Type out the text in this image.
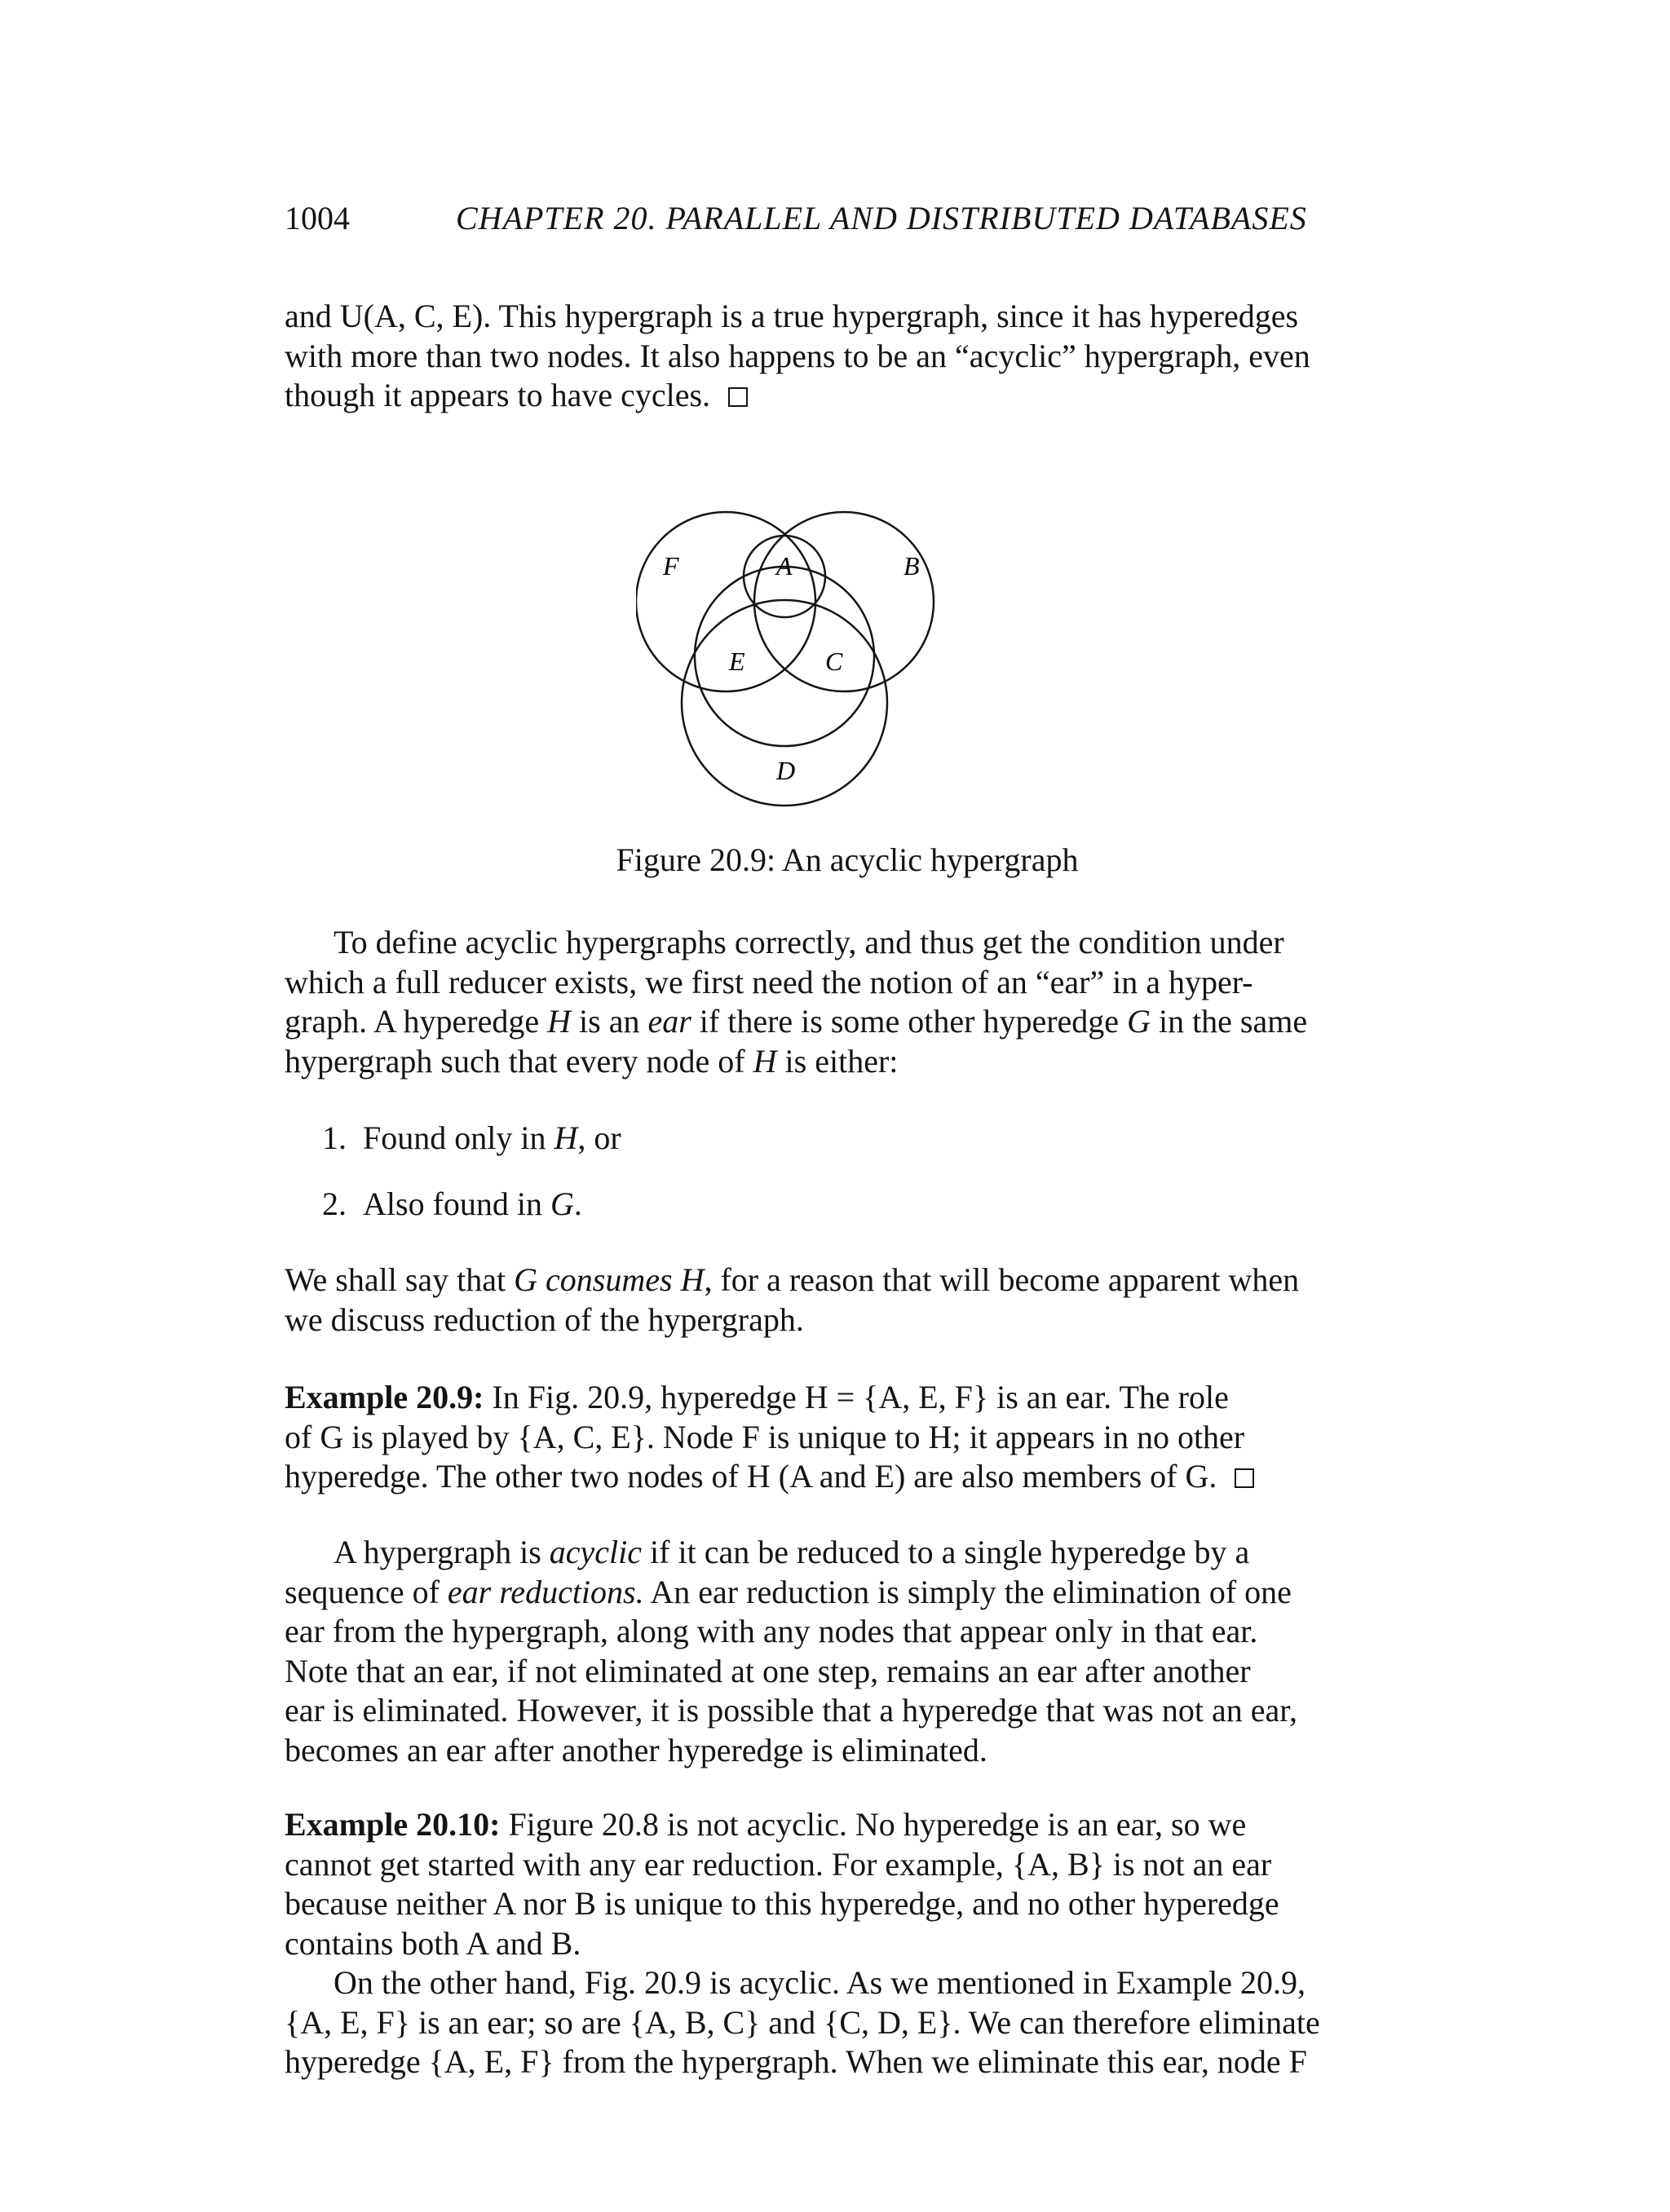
1004	CHAPTER 20. PARALLEL AND DISTRIBUTED DATABASES

and U(A, C, E). This hypergraph is a true hypergraph, since it has hyperedges

with more than two nodes. It also happens to be an “acyclic” hypergraph, even

though it appears to have cycles.

F	A	B
E	C
D
Figure 20.9: An acyclic hypergraph

To define acyclic hypergraphs correctly, and thus get the condition under

which a full reducer exists, we first need the notion of an “ear” in a hyper-

graph. A hyperedge H is an ear if there is some other hyperedge G in the same

hypergraph such that every node of H is either:

1. Found only in H, or
2. Also found in G.

We shall say that G consumes H, for a reason that will become apparent when

we discuss reduction of the hypergraph.

Example 20.9: In Fig. 20.9, hyperedge H = {A, E, F} is an ear. The role

of G is played by {A, C, E}. Node F is unique to H; it appears in no other

hyperedge. The other two nodes of H (A and E) are also members of G.

A hypergraph is acyclic if it can be reduced to a single hyperedge by a

sequence of ear reductions. An ear reduction is simply the elimination of one

ear from the hypergraph, along with any nodes that appear only in that ear.

Note that an ear, if not eliminated at one step, remains an ear after another

ear is eliminated. However, it is possible that a hyperedge that was not an ear,

becomes an ear after another hyperedge is eliminated.

Example 20.10: Figure 20.8 is not acyclic. No hyperedge is an ear, so we

cannot get started with any ear reduction. For example, {A, B} is not an ear

because neither A nor B is unique to this hyperedge, and no other hyperedge

contains both A and B.

On the other hand, Fig. 20.9 is acyclic. As we mentioned in Example 20.9,

{A, E, F} is an ear; so are {A, B, C} and {C, D, E}. We can therefore eliminate

hyperedge {A, E, F} from the hypergraph. When we eliminate this ear, node F
